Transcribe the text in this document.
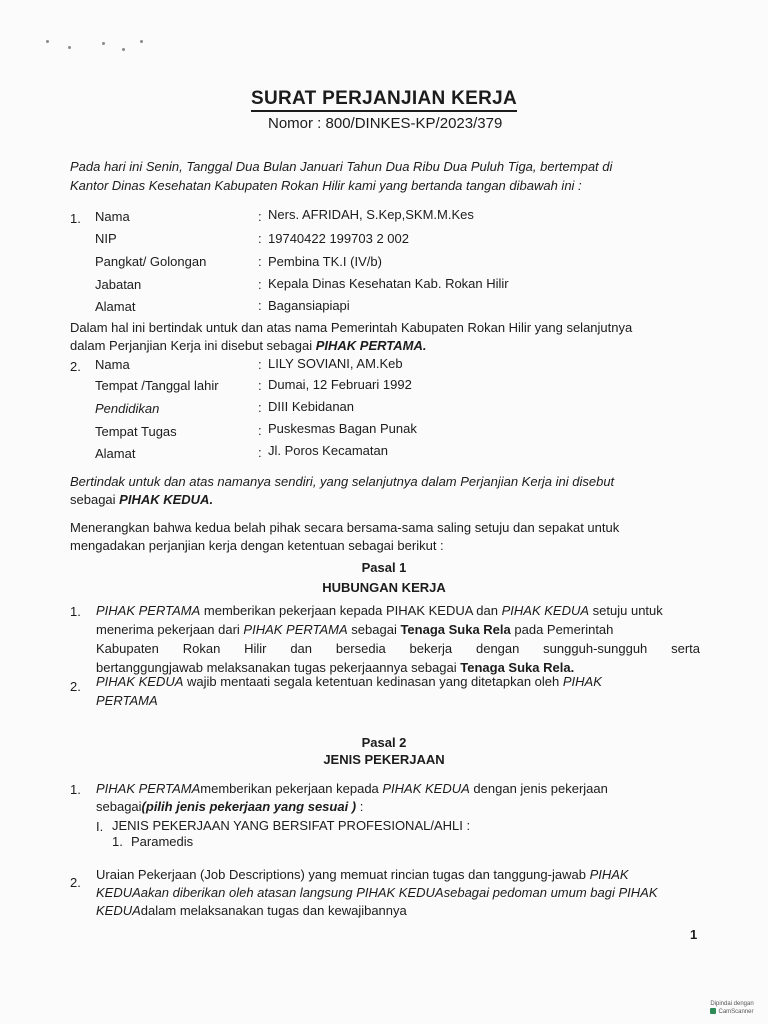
SURAT PERJANJIAN KERJA
Nomor : 800/DINKES-KP/2023/379
Pada hari ini Senin, Tanggal Dua Bulan Januari Tahun Dua Ribu Dua Puluh Tiga, bertempat di
Kantor Dinas Kesehatan Kabupaten Rokan Hilir kami yang bertanda tangan dibawah ini :
1. Nama	: Ners. AFRIDAH, S.Kep,SKM.M.Kes
NIP	: 19740422 199703 2 002
Pangkat/ Golongan	: Pembina TK.I (IV/b)
Jabatan	: Kepala Dinas Kesehatan Kab. Rokan Hilir
Alamat	: Bagansiapiapi
Dalam hal ini bertindak untuk dan atas nama Pemerintah Kabupaten Rokan Hilir yang selanjutnya
dalam Perjanjian Kerja ini disebut sebagai PIHAK PERTAMA.
2. Nama	: LILY SOVIANI, AM.Keb
Tempat /Tanggal lahir	: Dumai, 12 Februari 1992
Pendidikan	: DIII Kebidanan
Tempat Tugas	: Puskesmas Bagan Punak
Alamat	: Jl. Poros Kecamatan
Bertindak untuk dan atas namanya sendiri, yang selanjutnya dalam Perjanjian Kerja ini disebut
sebagai PIHAK KEDUA.
Menerangkan bahwa kedua belah pihak secara bersama-sama saling setuju dan sepakat untuk
mengadakan perjanjian kerja dengan ketentuan sebagai berikut :
Pasal 1
HUBUNGAN KERJA
1. PIHAK PERTAMA memberikan pekerjaan kepada PIHAK KEDUA dan PIHAK KEDUA setuju untuk
menerima pekerjaan dari PIHAK PERTAMA sebagai Tenaga Suka Rela pada Pemerintah
Kabupaten Rokan Hilir dan bersedia bekerja dengan sungguh-sungguh serta
bertanggungjawab melaksanakan tugas pekerjaannya sebagai Tenaga Suka Rela.
2. PIHAK KEDUA wajib mentaati segala ketentuan kedinasan yang ditetapkan oleh PIHAK
PERTAMA
Pasal 2
JENIS PEKERJAAN
1. PIHAK PERTAMAmemberikan pekerjaan kepada PIHAK KEDUA dengan jenis pekerjaan
sebagai(pilih jenis pekerjaan yang sesuai ) :
I. JENIS PEKERJAAN YANG BERSIFAT PROFESIONAL/AHLI :
1. Paramedis
2.
Uraian Pekerjaan (Job Descriptions) yang memuat rincian tugas dan tanggung-jawab PIHAK
KEDUAakan diberikan oleh atasan langsung PIHAK KEDUAsebagai pedoman umum bagi PIHAK
KEDUAdalam melaksanakan tugas dan kewajibannya
1
Dipindai dengan
CamScanner
